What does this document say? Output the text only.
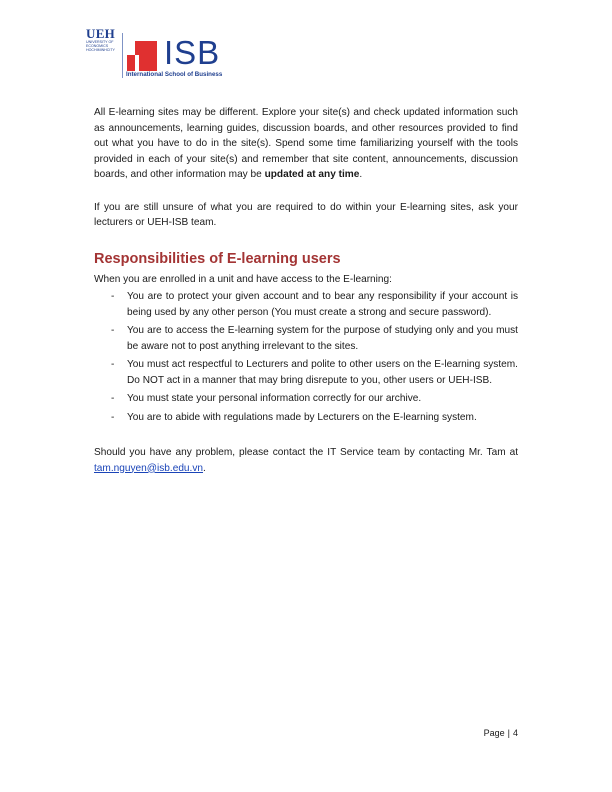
UEH
UNIVERSITY OF
ECONOMICS
HOCHIMINHCITY ISB
International School of Business

All E-learning sites may be different. Explore your site(s) and check updated information such as announcements, learning guides, discussion boards, and other resources provided to find out what you have to do in the site(s). Spend some time familiarizing yourself with the tools provided in each of your site(s) and remember that site content, announcements, discussion boards, and other information may be updated at any time.

If you are still unsure of what you are required to do within your E-learning sites, ask your lecturers or UEH-ISB team.

Responsibilities of E-learning users

When you are enrolled in a unit and have access to the E-learning:

- You are to protect your given account and to bear any responsibility if your account is being used by any other person (You must create a strong and secure password).
- You are to access the E-learning system for the purpose of studying only and you must be aware not to post anything irrelevant to the sites.
- You must act respectful to Lecturers and polite to other users on the E-learning system. Do NOT act in a manner that may bring disrepute to you, other users or UEH-ISB.
- You must state your personal information correctly for our archive.
- You are to abide with regulations made by Lecturers on the E-learning system.

Should you have any problem, please contact the IT Service team by contacting Mr. Tam at tam.nguyen@isb.edu.vn.

Page | 4
